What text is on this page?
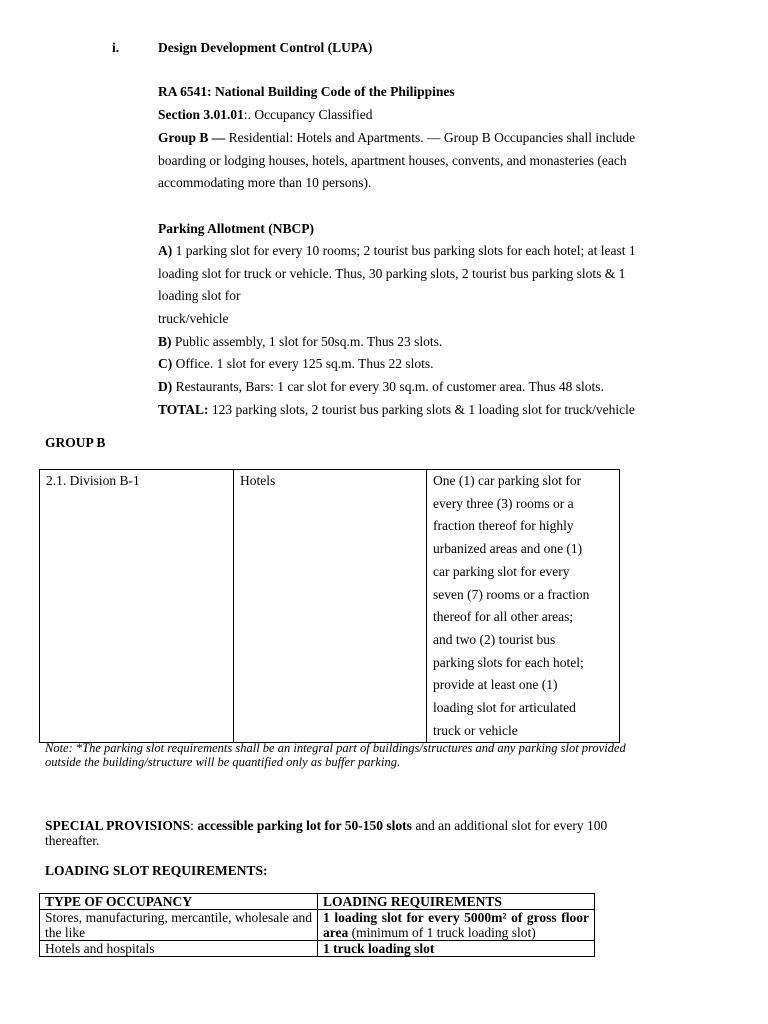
i.	Design Development Control (LUPA)
RA 6541: National Building Code of the Philippines
Section 3.01.01:. Occupancy Classified
Group B — Residential: Hotels and Apartments. — Group B Occupancies shall include
boarding or lodging houses, hotels, apartment houses, convents, and monasteries (each
accommodating more than 10 persons).
Parking Allotment (NBCP)
A) 1 parking slot for every 10 rooms; 2 tourist bus parking slots for each hotel; at least 1
loading slot for truck or vehicle. Thus, 30 parking slots, 2 tourist bus parking slots & 1
loading slot for
truck/vehicle
B) Public assembly, 1 slot for 50sq.m. Thus 23 slots.
C) Office. 1 slot for every 125 sq.m. Thus 22 slots.
D) Restaurants, Bars: 1 car slot for every 30 sq.m. of customer area. Thus 48 slots.
TOTAL: 123 parking slots, 2 tourist bus parking slots & 1 loading slot for truck/vehicle
GROUP B
2.1. Division B-1	Hotels	One (1) car parking slot for
every three (3) rooms or a
fraction thereof for highly
urbanized areas and one (1)
car parking slot for every
seven (7) rooms or a fraction
thereof for all other areas;
and two (2) tourist bus
parking slots for each hotel;
provide at least one (1)
loading slot for articulated
truck or vehicle
Note: *The parking slot requirements shall be an integral part of buildings/structures and any parking slot provided
outside the building/structure will be quantified only as buffer parking.
SPECIAL PROVISIONS: accessible parking lot for 50-150 slots and an additional slot for every 100
thereafter.
LOADING SLOT REQUIREMENTS:
TYPE OF OCCUPANCY	LOADING REQUIREMENTS
Stores, manufacturing, mercantile, wholesale and the like	1 loading slot for every 5000m² of gross floor area (minimum of 1 truck loading slot)
Hotels and hospitals	1 truck loading slot
